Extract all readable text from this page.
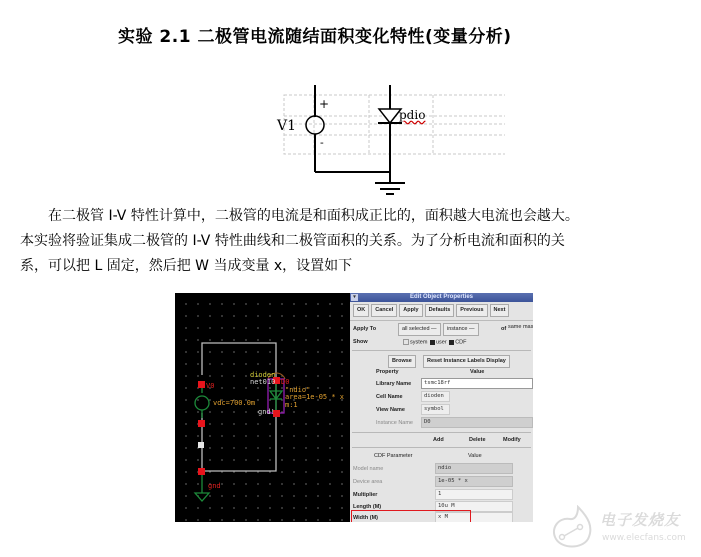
实验 2.1 二极管电流随结面积变化特性(变量分析)
V1
+
-
pdio

在二极管 I-V 特性计算中，二极管的电流是和面积成正比的，面积越大电流也会越大。

本实验将验证集成二极管的 I-V 特性曲线和二极管面积的关系。为了分析电流和面积的关

系，可以把 L 固定，然后把 W 当成变量 x，设置如下

V0
vdc=700.0m
dioden
net010 D0
"ndio"
area=1e-05 * x
m:1
gnd!
gnd
▾	Edit Object Properties
OK	Cancel	Apply	Defaults	Previous	Next
Apply To	all selected —	instance —	of same mas
Show	system user CDF
Browse	Reset Instance Labels Display
Property	Value
Library Name	tsmc18rf
Cell Name	dioden
View Name	symbol
Instance Name	D0
Add	Delete	Modify
CDF Parameter	Value
Model name	ndio
Device area	1e-05 * x
Multiplier	1
Length (M)	10u M
Width (M)	x M	电子发烧友
www.elecfans.com
